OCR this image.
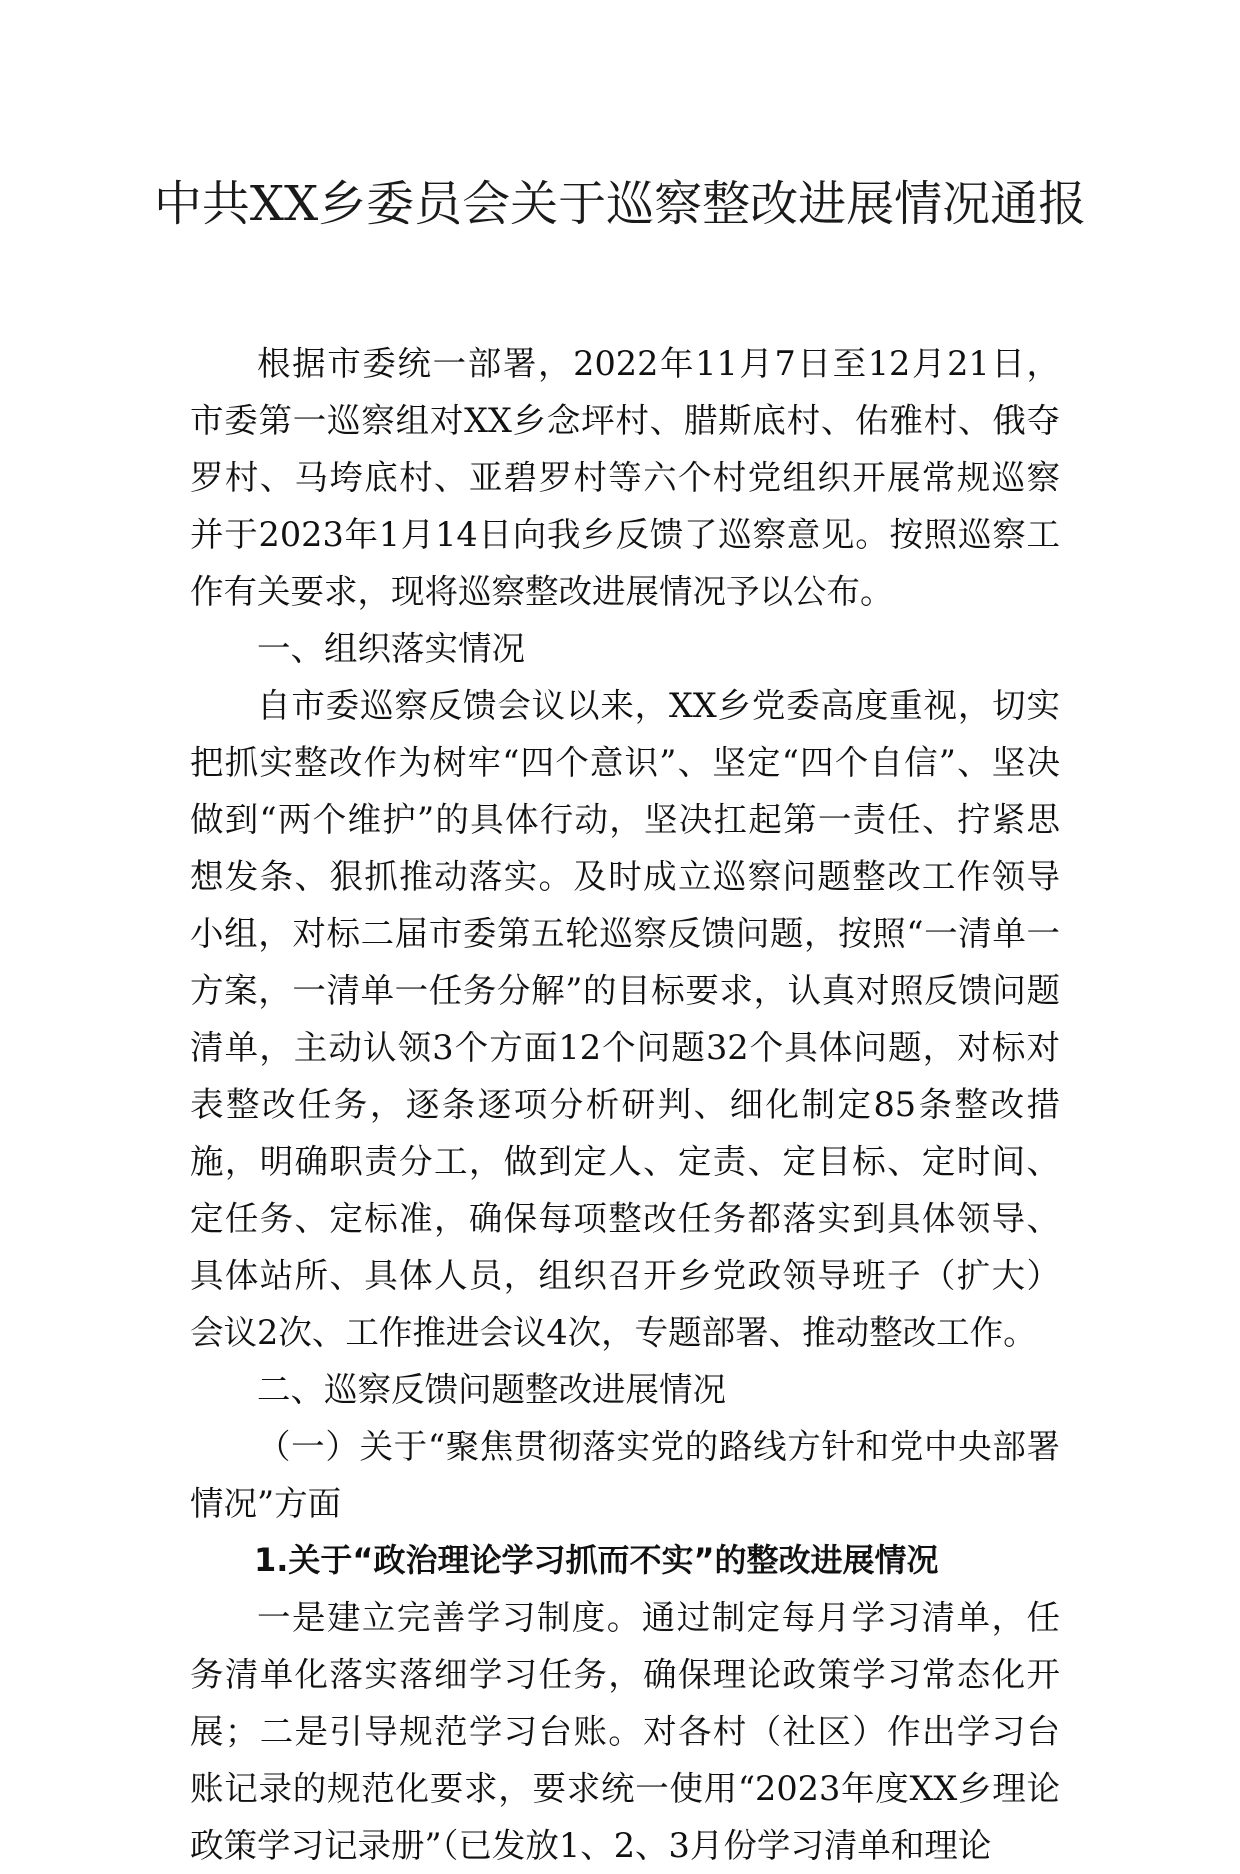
中共XX乡委员会关于巡察整改进展情况通报

根据市委统一部署，2022年11月7日至12月21日，市委第一巡察组对XX乡念坪村、腊斯底村、佑雅村、俄夺罗村、马垮底村、亚碧罗村等六个村党组织开展常规巡察并于2023年1月14日向我乡反馈了巡察意见。按照巡察工作有关要求，现将巡察整改进展情况予以公布。

一、组织落实情况

自市委巡察反馈会议以来，XX乡党委高度重视，切实把抓实整改作为树牢“四个意识”、坚定“四个自信”、坚决做到“两个维护”的具体行动，坚决扛起第一责任、拧紧思想发条、狠抓推动落实。及时成立巡察问题整改工作领导小组，对标二届市委第五轮巡察反馈问题，按照“一清单一方案，一清单一任务分解”的目标要求，认真对照反馈问题清单，主动认领3个方面12个问题32个具体问题，对标对表整改任务，逐条逐项分析研判、细化制定85条整改措施，明确职责分工，做到定人、定责、定目标、定时间、定任务、定标准，确保每项整改任务都落实到具体领导、具体站所、具体人员，组织召开乡党政领导班子（扩大）会议2次、工作推进会议4次，专题部署、推动整改工作。

二、巡察反馈问题整改进展情况

（一）关于“聚焦贯彻落实党的路线方针和党中央部署情况”方面

1.关于“政治理论学习抓而不实”的整改进展情况

一是建立完善学习制度。通过制定每月学习清单，任务清单化落实落细学习任务，确保理论政策学习常态化开展；二是引导规范学习台账。对各村（社区）作出学习台账记录的规范化要求，要求统一使用“2023年度XX乡理论政策学习记录册”（已发放1、2、3月份学习清单和理论
